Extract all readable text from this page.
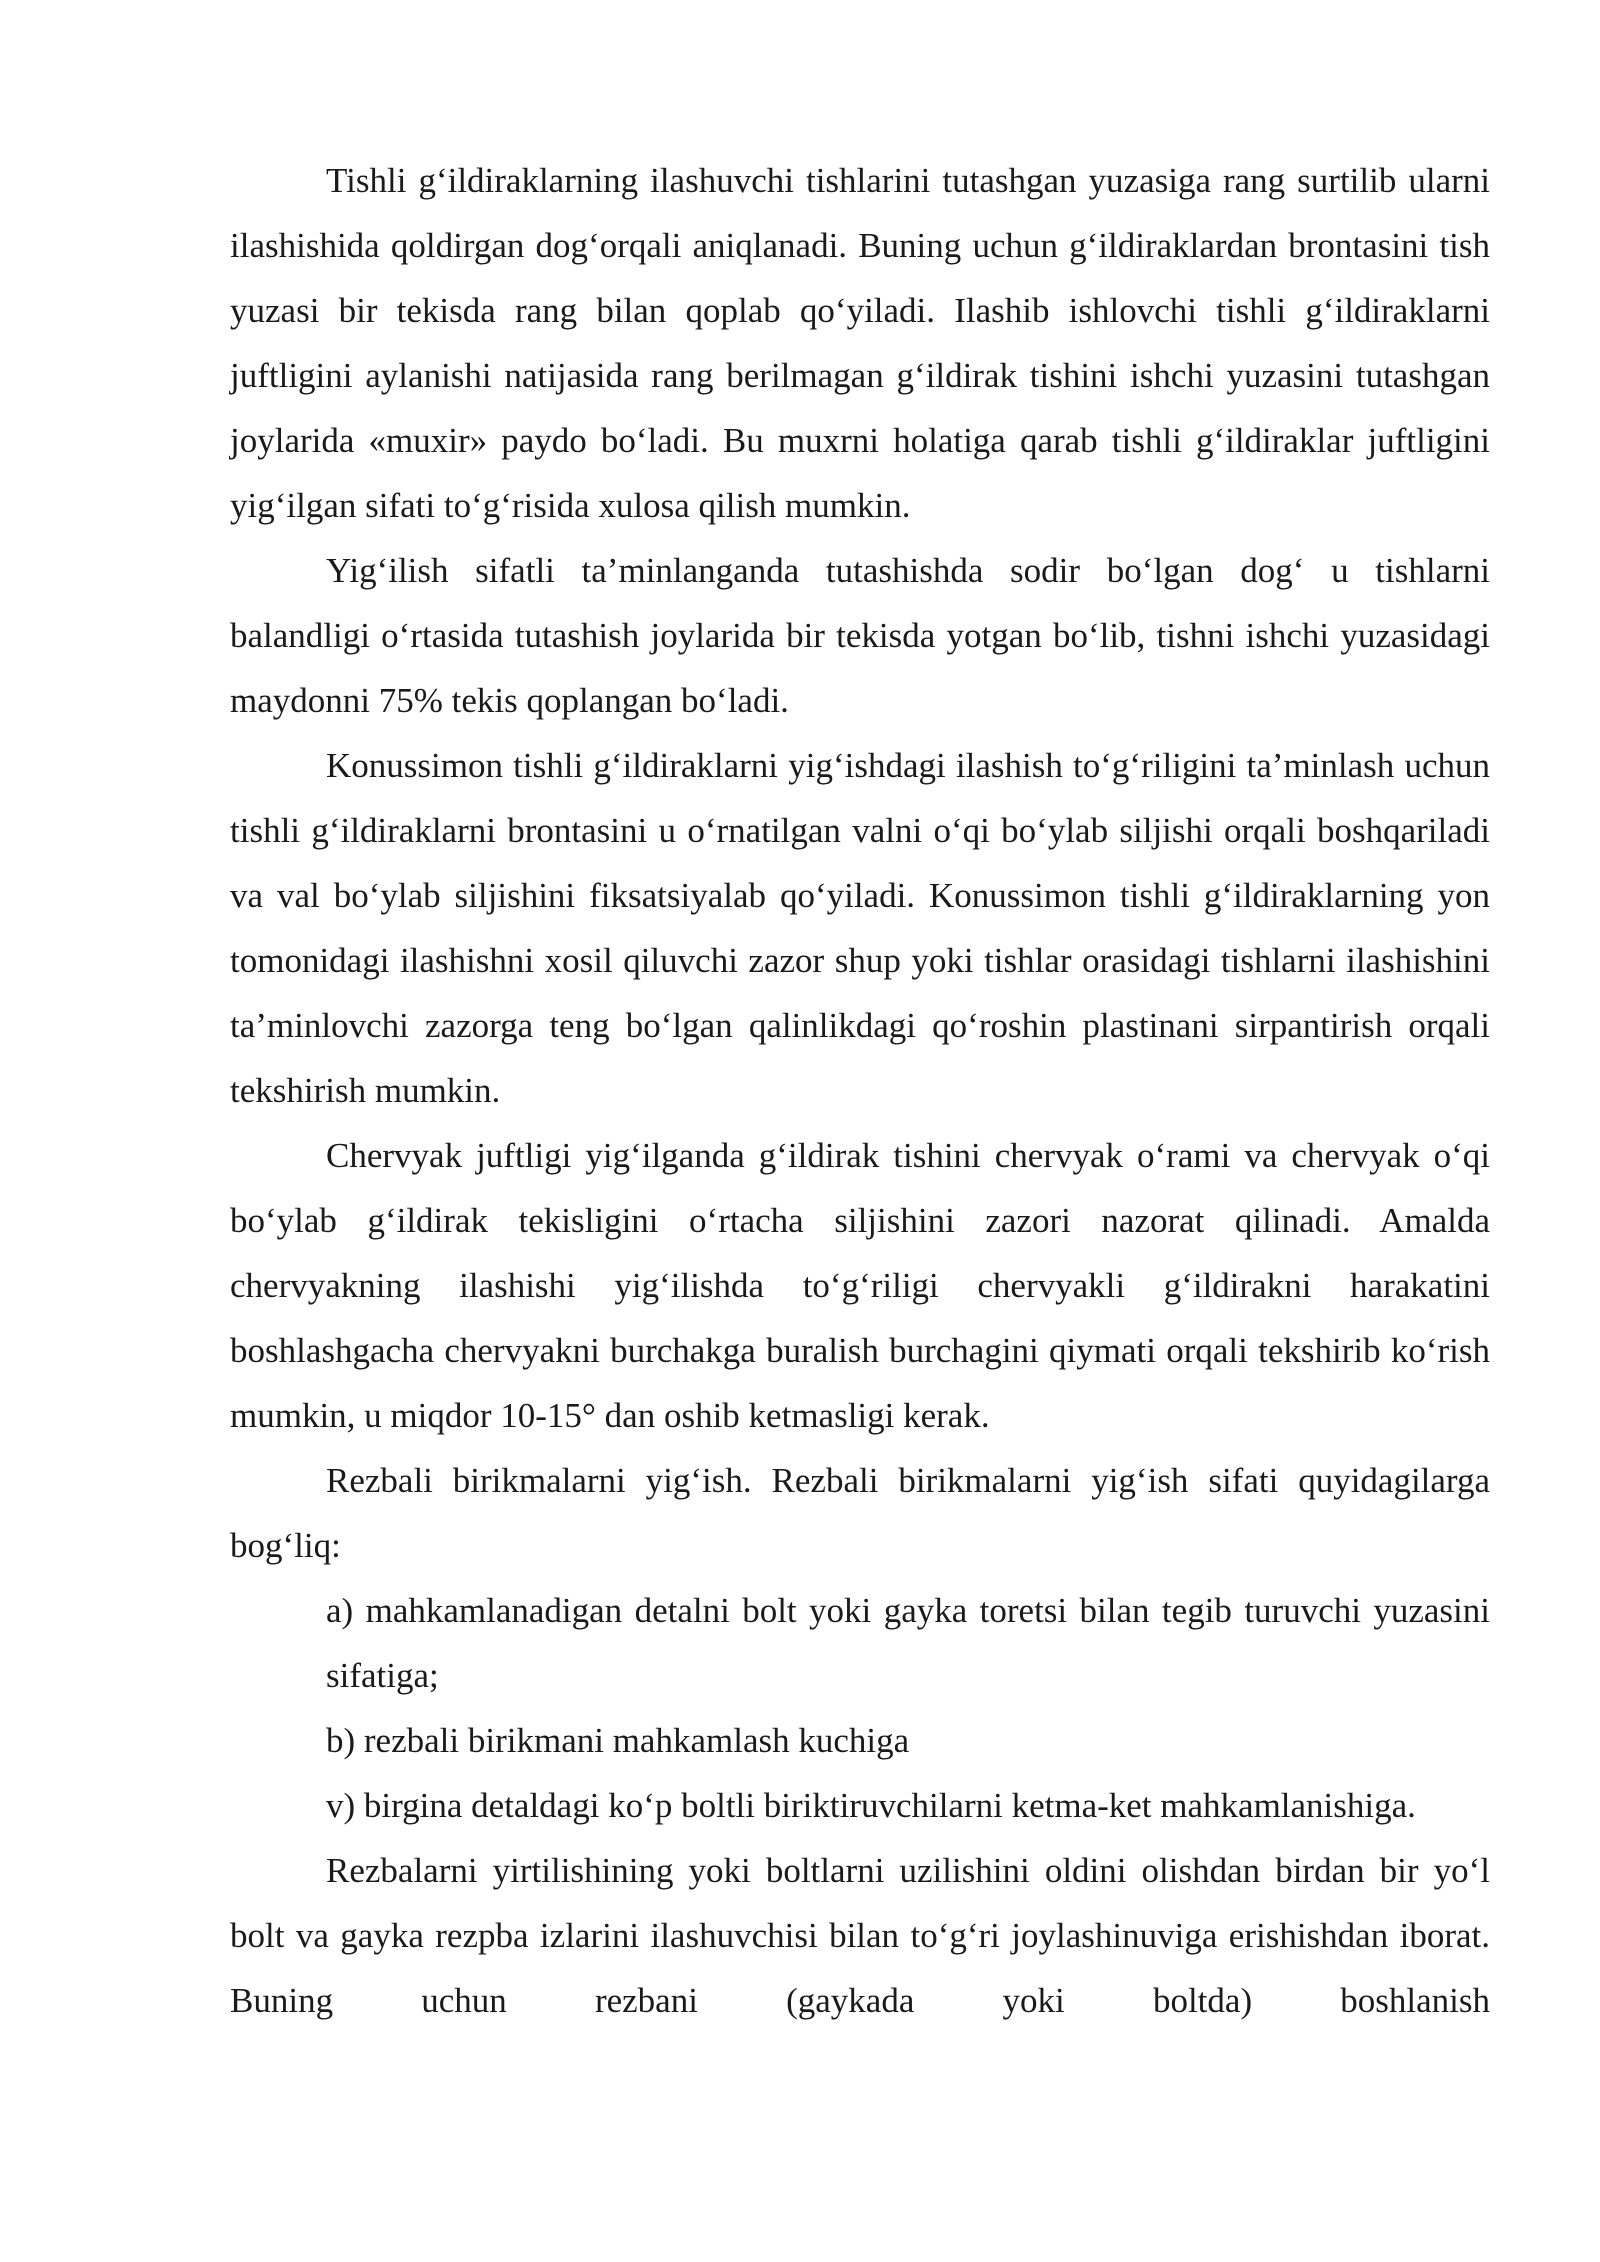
Tishli g‘ildiraklarning ilashuvchi tishlarini tutashgan yuzasiga rang surtilib ularni ilashishida qoldirgan dog‘orqali aniqlanadi. Buning uchun g‘ildiraklardan brontasini tish yuzasi bir tekisda rang bilan qoplab qo‘yiladi. Ilashib ishlovchi tishli g‘ildiraklarni juftligini aylanishi natijasida rang berilmagan g‘ildirak tishini ishchi yuzasini tutashgan joylarida «muxir» paydo bo‘ladi. Bu muxrni holatiga qarab tishli g‘ildiraklar juftligini yig‘ilgan sifati to‘g‘risida xulosa qilish mumkin.

Yig‘ilish sifatli ta’minlanganda tutashishda sodir bo‘lgan dog‘ u tishlarni balandligi o‘rtasida tutashish joylarida bir tekisda yotgan bo‘lib, tishni ishchi yuzasidagi maydonni 75% tekis qoplangan bo‘ladi.

Konussimon tishli g‘ildiraklarni yig‘ishdagi ilashish to‘g‘riligini ta’minlash uchun tishli g‘ildiraklarni brontasini u o‘rnatilgan valni o‘qi bo‘ylab siljishi orqali boshqariladi va val bo‘ylab siljishini fiksatsiyalab qo‘yiladi. Konussimon tishli g‘ildiraklarning yon tomonidagi ilashishni xosil qiluvchi zazor shup yoki tishlar orasidagi tishlarni ilashishini ta’minlovchi zazorga teng bo‘lgan qalinlikdagi qo‘roshin plastinani sirpantirish orqali tekshirish mumkin.

Chervyak juftligi yig‘ilganda g‘ildirak tishini chervyak o‘rami va chervyak o‘qi bo‘ylab g‘ildirak tekisligini o‘rtacha siljishini zazori nazorat qilinadi. Amalda chervyakning ilashishi yig‘ilishda to‘g‘riligi chervyakli g‘ildirakni harakatini boshlashgacha chervyakni burchakga buralish burchagini qiymati orqali tekshirib ko‘rish mumkin, u miqdor 10-15° dan oshib ketmasligi kerak.

Rezbali birikmalarni yig‘ish. Rezbali birikmalarni yig‘ish sifati quyidagilarga bog‘liq:

a) mahkamlanadigan detalni bolt yoki gayka toretsi bilan tegib turuvchi yuzasini sifatiga;

b) rezbali birikmani mahkamlash kuchiga

v) birgina detaldagi ko‘p boltli biriktiruvchilarni ketma-ket mahkamlanishiga.

Rezbalarni yirtilishining yoki boltlarni uzilishini oldini olishdan birdan bir yo‘l bolt va gayka rezpba izlarini ilashuvchisi bilan to‘g‘ri joylashinuviga erishishdan iborat. Buning uchun rezbani (gaykada yoki boltda) boshlanish
